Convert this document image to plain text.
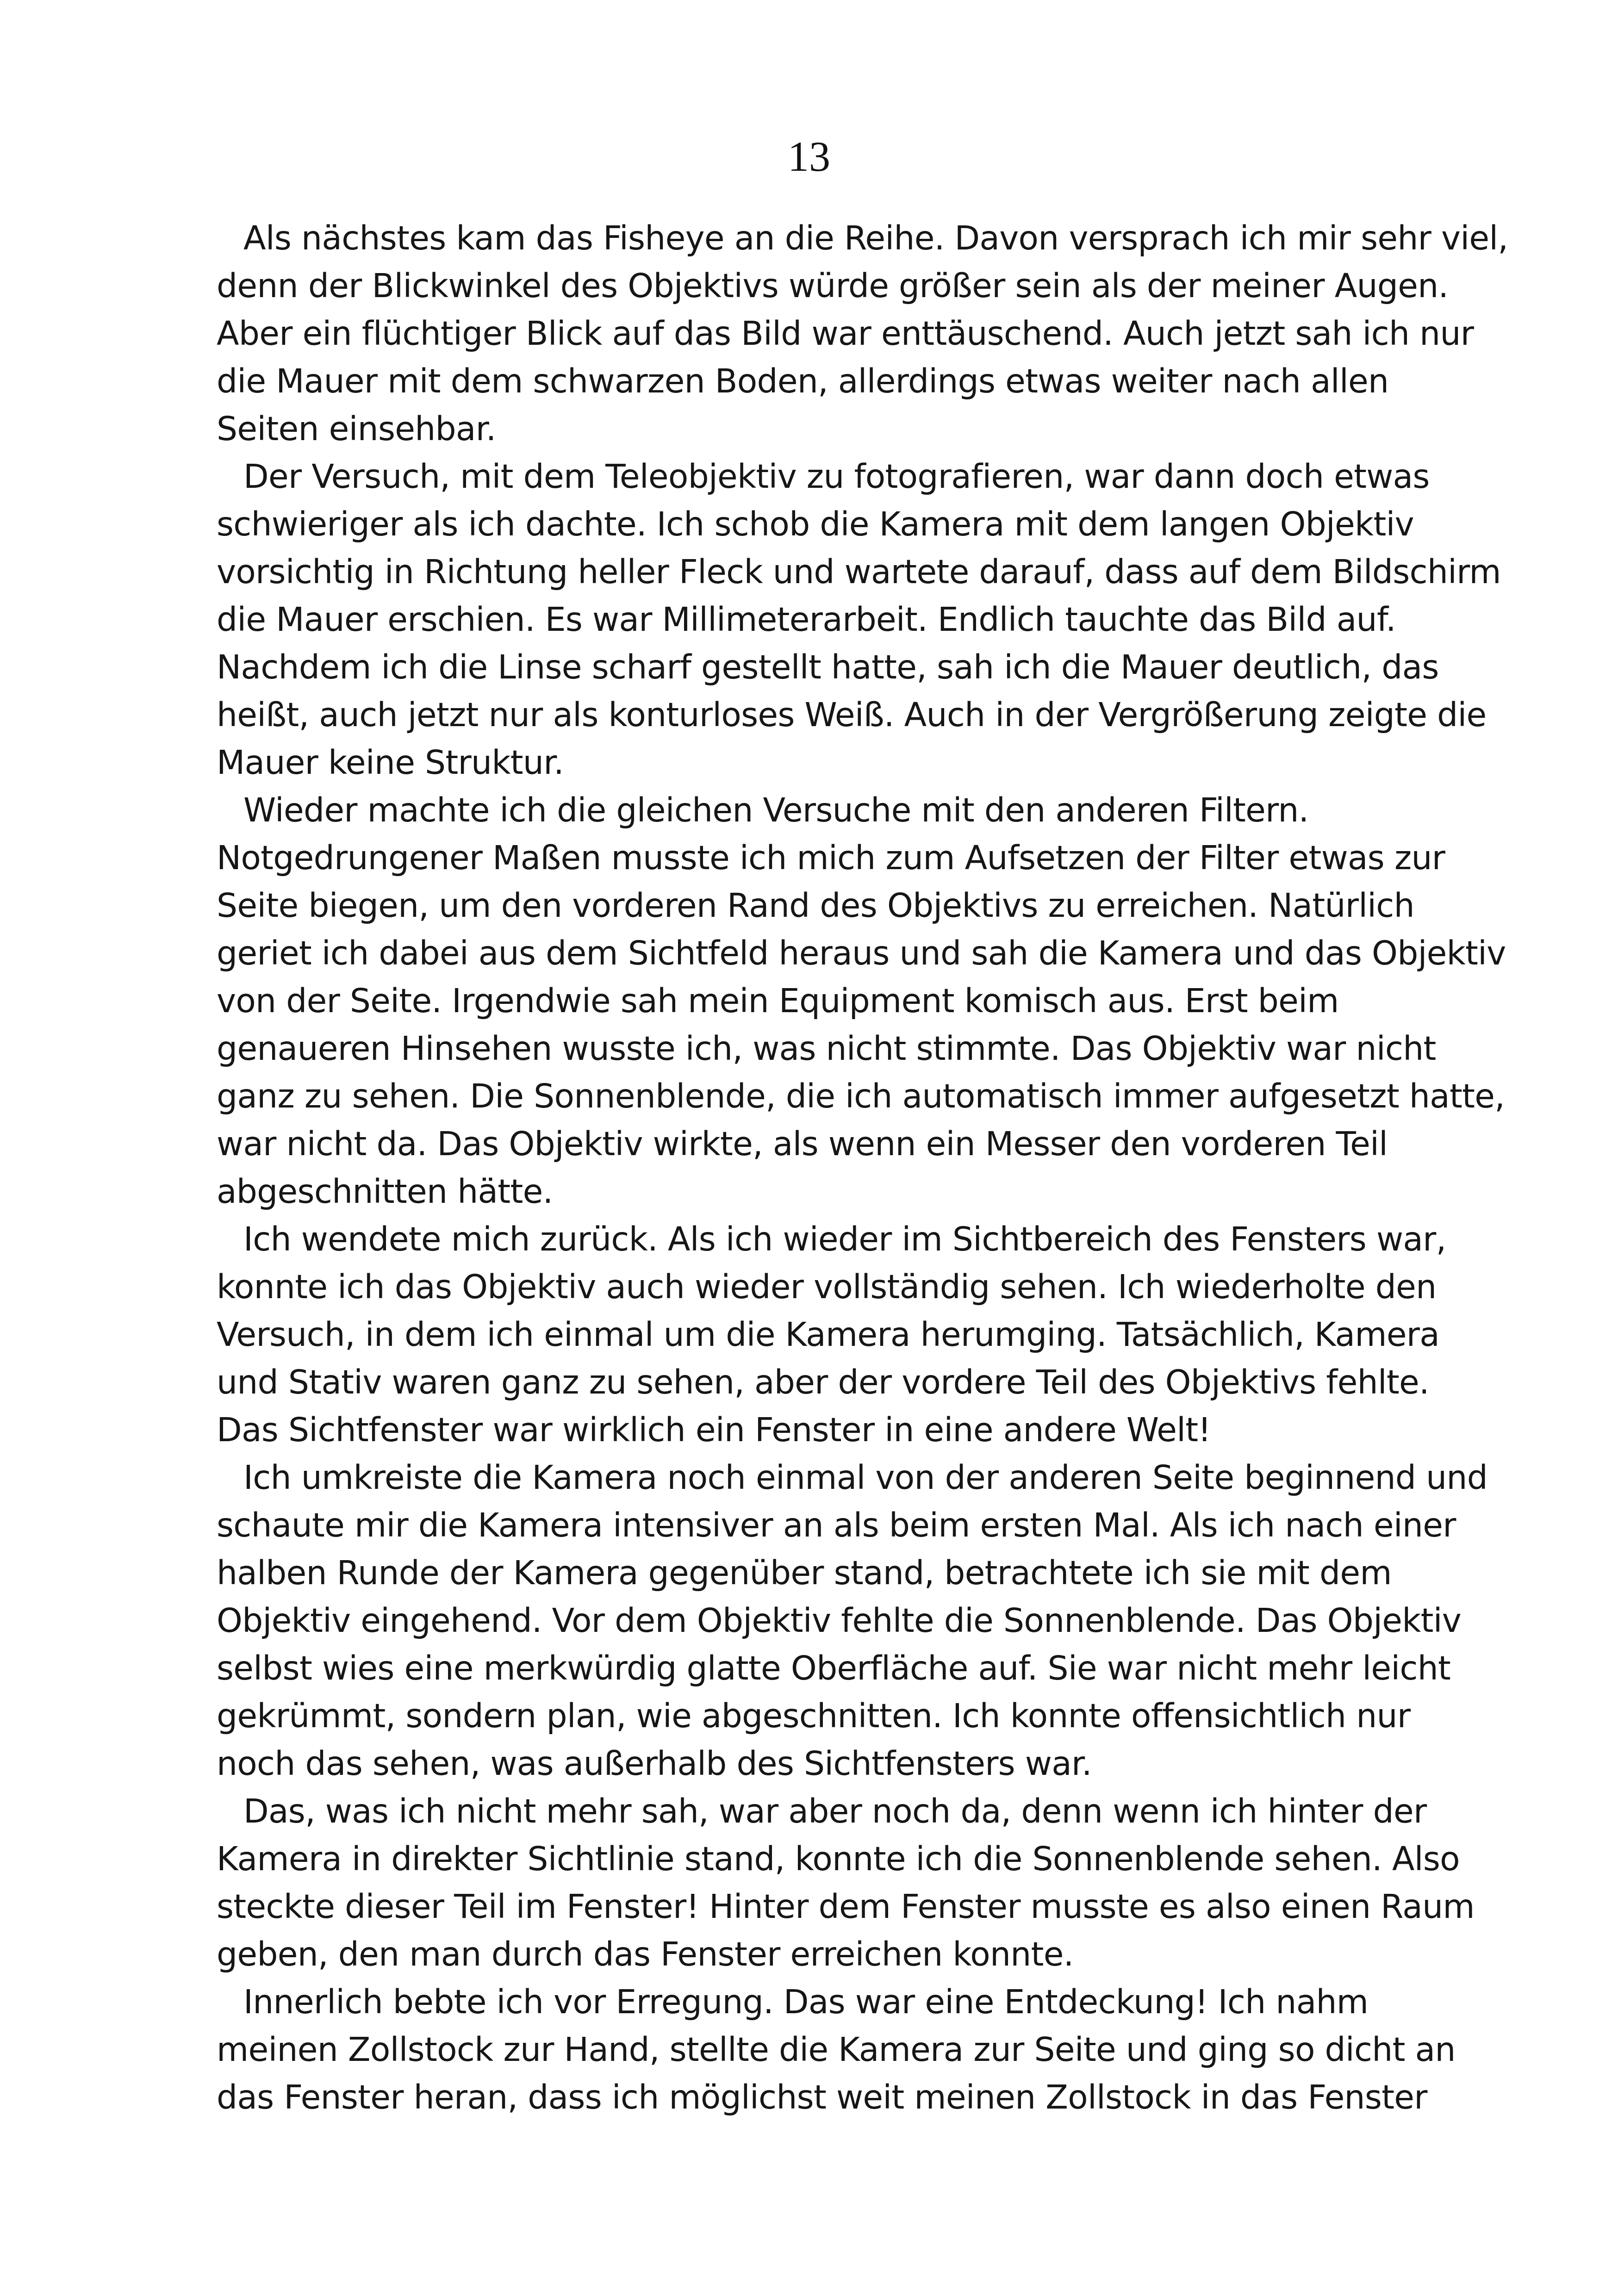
13
Als nächstes kam das Fisheye an die Reihe. Davon versprach ich mir sehr viel,
denn der Blickwinkel des Objektivs würde größer sein als der meiner Augen.
Aber ein flüchtiger Blick auf das Bild war enttäuschend. Auch jetzt sah ich nur
die Mauer mit dem schwarzen Boden, allerdings etwas weiter nach allen
Seiten einsehbar.
Der Versuch, mit dem Teleobjektiv zu fotografieren, war dann doch etwas
schwieriger als ich dachte. Ich schob die Kamera mit dem langen Objektiv
vorsichtig in Richtung heller Fleck und wartete darauf, dass auf dem Bildschirm
die Mauer erschien. Es war Millimeterarbeit. Endlich tauchte das Bild auf.
Nachdem ich die Linse scharf gestellt hatte, sah ich die Mauer deutlich, das
heißt, auch jetzt nur als konturloses Weiß. Auch in der Vergrößerung zeigte die
Mauer keine Struktur.
Wieder machte ich die gleichen Versuche mit den anderen Filtern.
Notgedrungener Maßen musste ich mich zum Aufsetzen der Filter etwas zur
Seite biegen, um den vorderen Rand des Objektivs zu erreichen. Natürlich
geriet ich dabei aus dem Sichtfeld heraus und sah die Kamera und das Objektiv
von der Seite. Irgendwie sah mein Equipment komisch aus. Erst beim
genaueren Hinsehen wusste ich, was nicht stimmte. Das Objektiv war nicht
ganz zu sehen. Die Sonnenblende, die ich automatisch immer aufgesetzt hatte,
war nicht da. Das Objektiv wirkte, als wenn ein Messer den vorderen Teil
abgeschnitten hätte.
Ich wendete mich zurück. Als ich wieder im Sichtbereich des Fensters war,
konnte ich das Objektiv auch wieder vollständig sehen. Ich wiederholte den
Versuch, in dem ich einmal um die Kamera herumging. Tatsächlich, Kamera
und Stativ waren ganz zu sehen, aber der vordere Teil des Objektivs fehlte.
Das Sichtfenster war wirklich ein Fenster in eine andere Welt!
Ich umkreiste die Kamera noch einmal von der anderen Seite beginnend und
schaute mir die Kamera intensiver an als beim ersten Mal. Als ich nach einer
halben Runde der Kamera gegenüber stand, betrachtete ich sie mit dem
Objektiv eingehend. Vor dem Objektiv fehlte die Sonnenblende. Das Objektiv
selbst wies eine merkwürdig glatte Oberfläche auf. Sie war nicht mehr leicht
gekrümmt, sondern plan, wie abgeschnitten. Ich konnte offensichtlich nur
noch das sehen, was außerhalb des Sichtfensters war.
Das, was ich nicht mehr sah, war aber noch da, denn wenn ich hinter der
Kamera in direkter Sichtlinie stand, konnte ich die Sonnenblende sehen. Also
steckte dieser Teil im Fenster! Hinter dem Fenster musste es also einen Raum
geben, den man durch das Fenster erreichen konnte.
Innerlich bebte ich vor Erregung. Das war eine Entdeckung! Ich nahm
meinen Zollstock zur Hand, stellte die Kamera zur Seite und ging so dicht an
das Fenster heran, dass ich möglichst weit meinen Zollstock in das Fenster
